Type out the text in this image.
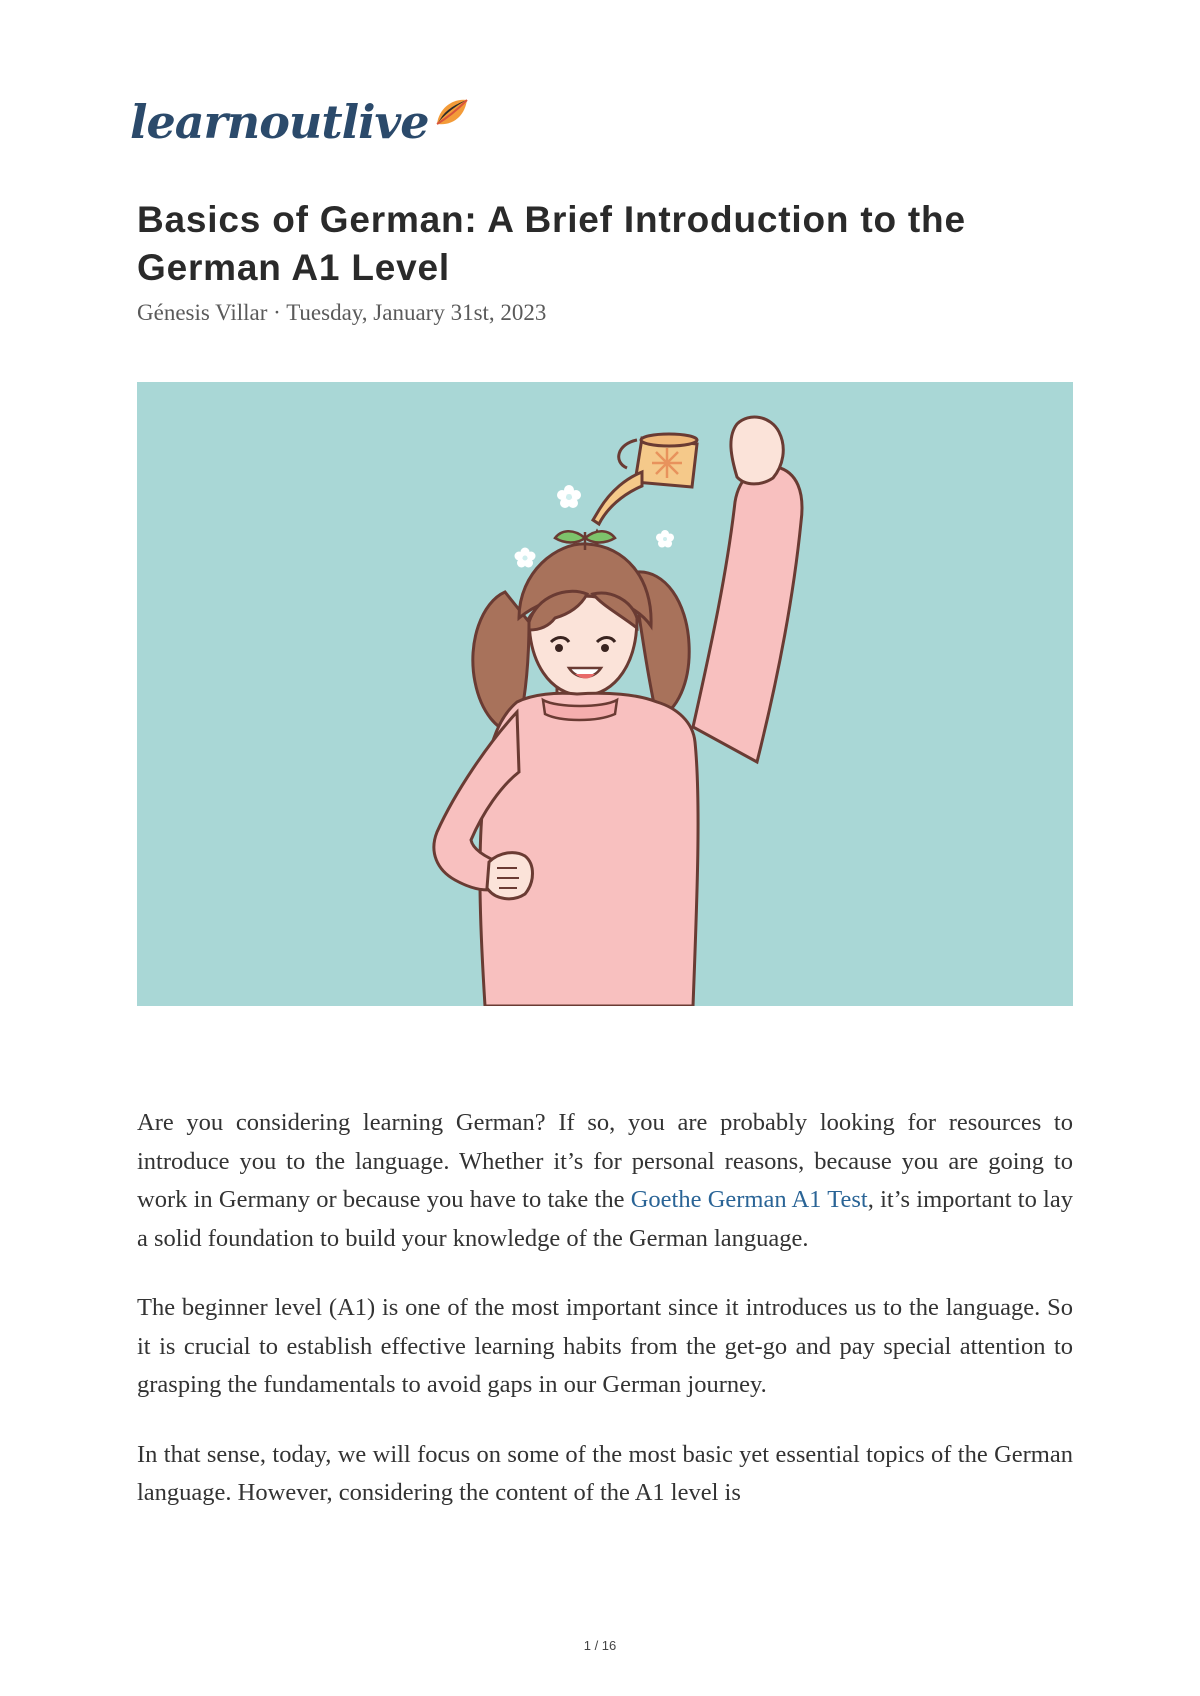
learnoutlive
Basics of German: A Brief Introduction to the German A1 Level
Génesis Villar · Tuesday, January 31st, 2023

Are you considering learning German? If so, you are probably looking for resources to introduce you to the language. Whether it’s for personal reasons, because you are going to work in Germany or because you have to take the Goethe German A1 Test, it’s important to lay a solid foundation to build your knowledge of the German language.

The beginner level (A1) is one of the most important since it introduces us to the language. So it is crucial to establish effective learning habits from the get-go and pay special attention to grasping the fundamentals to avoid gaps in our German journey.

In that sense, today, we will focus on some of the most basic yet essential topics of the German language. However, considering the content of the A1 level is

1 / 16
